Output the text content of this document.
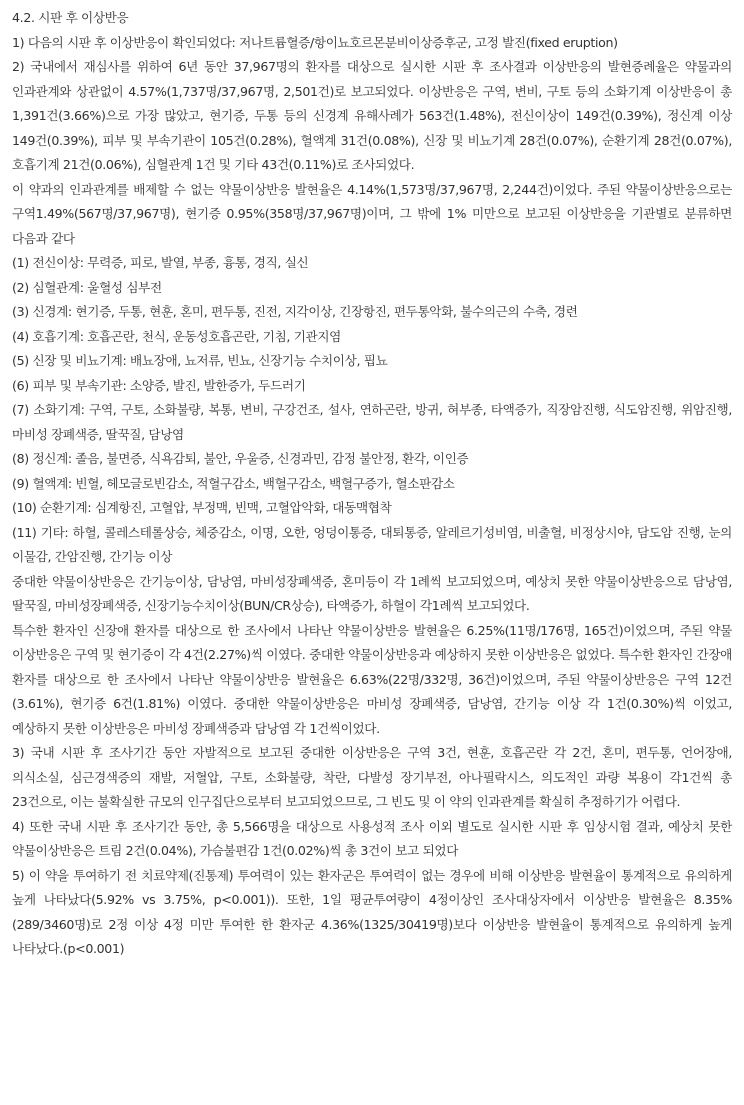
4.2. 시판 후 이상반응

1) 다음의 시판 후 이상반응이 확인되었다: 저나트륨혈증/항이뇨호르몬분비이상증후군, 고정 발진(fixed eruption)

2) 국내에서 재심사를 위하여 6년 동안 37,967명의 환자를 대상으로 실시한 시판 후 조사결과 이상반응의 발현증례율은 약물과의 인과관계와 상관없이 4.57%(1,737명/37,967명, 2,501건)로 보고되었다. 이상반응은 구역, 변비, 구토 등의 소화기계 이상반응이 총 1,391건(3.66%)으로 가장 많았고, 현기증, 두통 등의 신경계 유해사례가 563건(1.48%), 전신이상이 149건(0.39%), 정신계 이상 149건(0.39%), 피부 및 부속기관이 105건(0.28%), 혈액계 31건(0.08%), 신장 및 비뇨기계 28건(0.07%), 순환기계 28건(0.07%), 호흡기계 21건(0.06%), 심혈관계 1건 및 기타 43건(0.11%)로 조사되었다.

이 약과의 인과관계를 배제할 수 없는 약물이상반응 발현율은 4.14%(1,573명/37,967명, 2,244건)이었다. 주된 약물이상반응으로는 구역1.49%(567명/37,967명), 현기증 0.95%(358명/37,967명)이며, 그 밖에 1% 미만으로 보고된 이상반응을 기관별로 분류하면 다음과 같다

(1) 전신이상: 무력증, 피로, 발열, 부종, 흉통, 경직, 실신

(2) 심혈관계: 울혈성 심부전

(3) 신경계: 현기증, 두통, 현훈, 혼미, 편두통, 진전, 지각이상, 긴장항진, 편두통악화, 불수의근의 수축, 경련

(4) 호흡기계: 호흡곤란, 천식, 운동성호흡곤란, 기침, 기관지염

(5) 신장 및 비뇨기계: 배뇨장애, 뇨저류, 빈뇨, 신장기능 수치이상, 핍뇨

(6) 피부 및 부속기관: 소양증, 발진, 발한증가, 두드러기

(7) 소화기계: 구역, 구토, 소화불량, 복통, 변비, 구강건조, 설사, 연하곤란, 방귀, 혀부종, 타액증가, 직장암진행, 식도암진행, 위암진행, 마비성 장폐색증, 딸꾹질, 담낭염

(8) 정신계: 졸음, 불면증, 식욕감퇴, 불안, 우울증, 신경과민, 감정 불안정, 환각, 이인증

(9) 혈액계: 빈혈, 헤모글로빈감소, 적혈구감소, 백혈구감소, 백혈구증가, 혈소판감소

(10) 순환기계: 심계항진, 고혈압, 부정맥, 빈맥, 고혈압악화, 대동맥협착

(11) 기타: 하혈, 콜레스테롤상승, 체중감소, 이명, 오한, 엉덩이통증, 대퇴통증, 알레르기성비염, 비출혈, 비정상시야, 담도암 진행, 눈의 이물감, 간암진행, 간기능 이상

중대한 약물이상반응은 간기능이상, 담낭염, 마비성장폐색증, 혼미등이 각 1례씩 보고되었으며, 예상치 못한 약물이상반응으로 담낭염, 딸꾹질, 마비성장폐색증, 신장기능수치이상(BUN/CR상승), 타액증가, 하혈이 각1례씩 보고되었다.

특수한 환자인 신장애 환자를 대상으로 한 조사에서 나타난 약물이상반응 발현율은 6.25%(11명/176명, 165건)이었으며, 주된 약물 이상반응은 구역 및 현기증이 각 4건(2.27%)씩 이였다. 중대한 약물이상반응과 예상하지 못한 이상반응은 없었다. 특수한 환자인 간장애 환자를 대상으로 한 조사에서 나타난 약물이상반응 발현율은 6.63%(22명/332명, 36건)이었으며, 주된 약물이상반응은 구역 12건(3.61%), 현기증 6건(1.81%) 이였다. 중대한 약물이상반응은 마비성 장폐색증, 담낭염, 간기능 이상 각 1건(0.30%)씩 이었고, 예상하지 못한 이상반응은 마비성 장폐색증과 담낭염 각 1건씩이었다.

3) 국내 시판 후 조사기간 동안 자발적으로 보고된 중대한 이상반응은 구역 3건, 현훈, 호흡곤란 각 2건, 혼미, 편두통, 언어장애, 의식소실, 심근경색증의 재발, 저혈압, 구토, 소화불량, 착란, 다발성 장기부전, 아나필락시스, 의도적인 과량 복용이 각1건씩 총 23건으로, 이는 불확실한 규모의 인구집단으로부터 보고되었으므로, 그 빈도 및 이 약의 인과관계를 확실히 추정하기가 어렵다.

4) 또한 국내 시판 후 조사기간 동안, 총 5,566명을 대상으로 사용성적 조사 이외 별도로 실시한 시판 후 임상시험 결과, 예상치 못한 약물이상반응은 트림 2건(0.04%), 가슴불편감 1건(0.02%)씩 총 3건이 보고 되었다

5) 이 약을 투여하기 전 치료약제(진통제) 투여력이 있는 환자군은 투여력이 없는 경우에 비해 이상반응 발현율이 통계적으로 유의하게 높게 나타났다(5.92% vs 3.75%, p<0.001)). 또한, 1일 평균투여량이 4정이상인 조사대상자에서 이상반응 발현율은 8.35%(289/3460명)로 2정 이상 4정 미만 투여한 한 환자군 4.36%(1325/30419명)보다 이상반응 발현율이 통계적으로 유의하게 높게 나타났다.(p<0.001)
